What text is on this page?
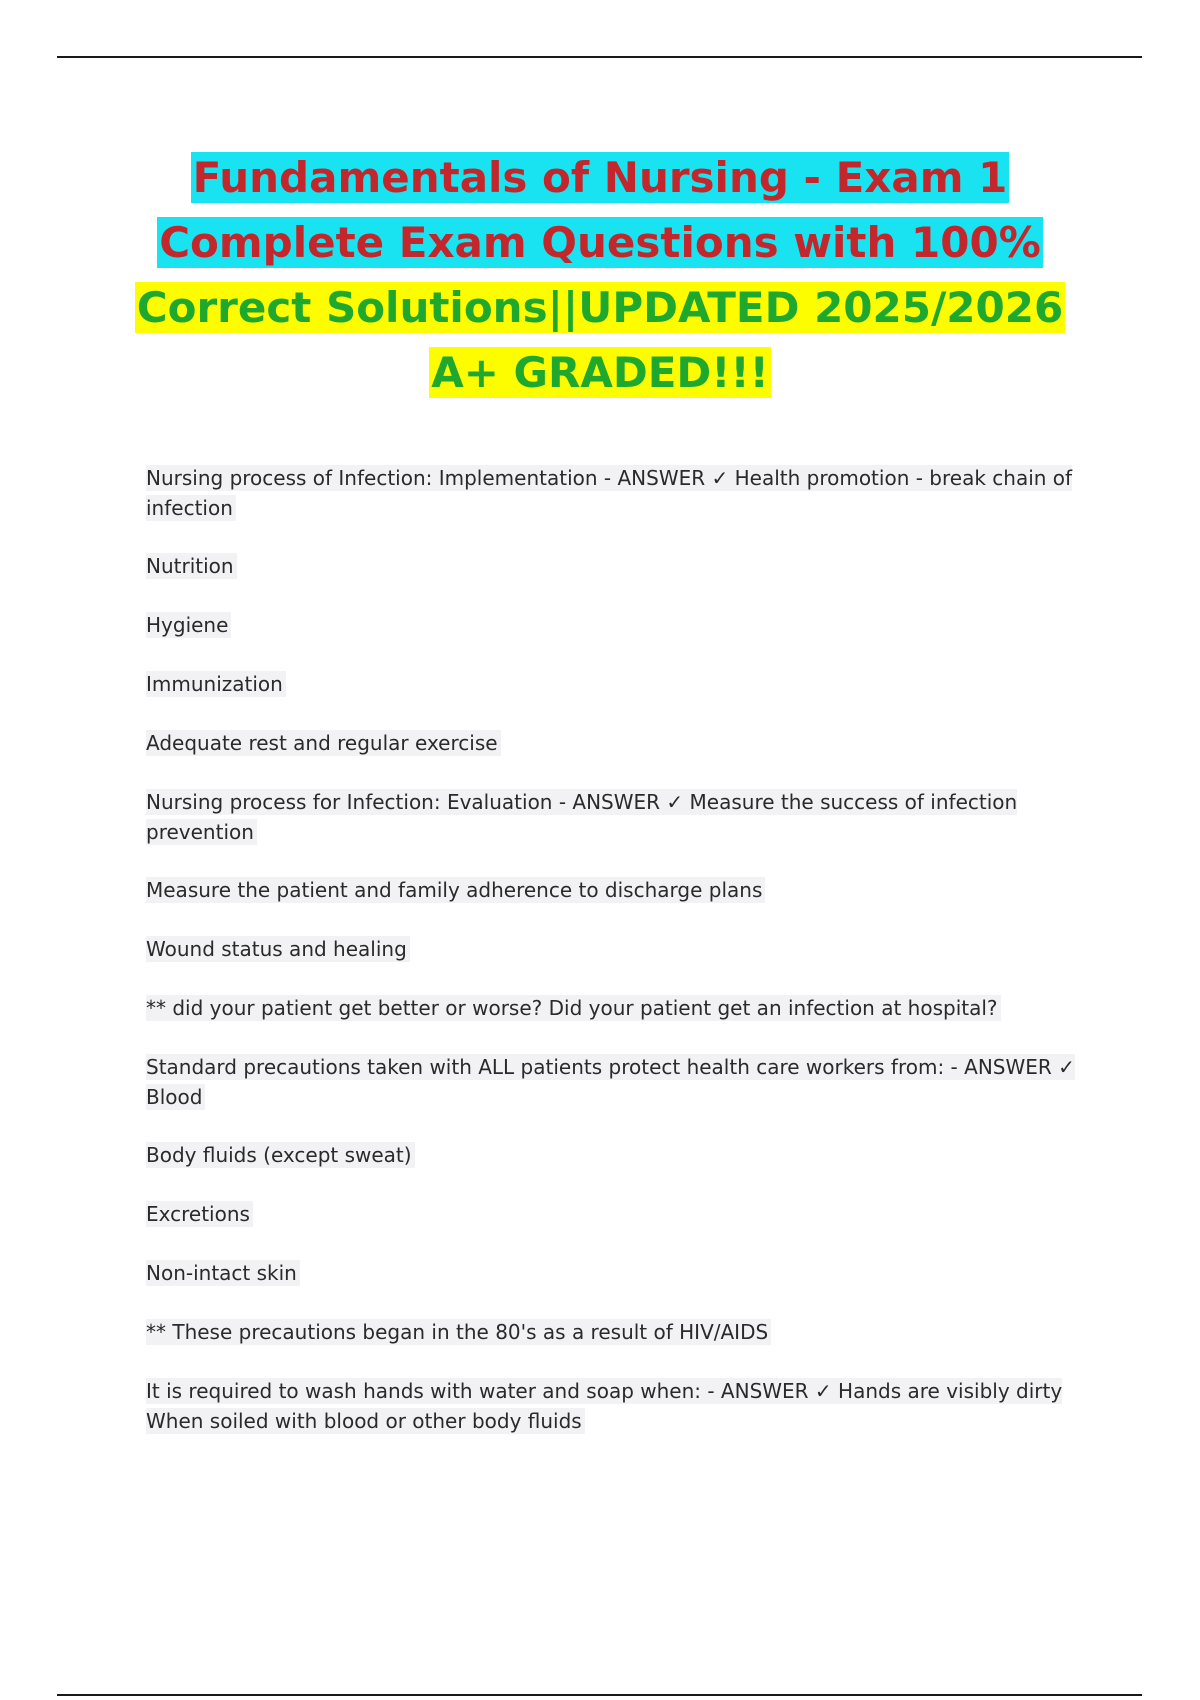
Fundamentals of Nursing - Exam 1
Complete Exam Questions with 100%
Correct Solutions||UPDATED 2025/2026
A+ GRADED!!!

Nursing process of Infection: Implementation - ANSWER ✓ Health promotion - break chain of infection

Nutrition

Hygiene

Immunization

Adequate rest and regular exercise

Nursing process for Infection: Evaluation - ANSWER ✓ Measure the success of infection prevention

Measure the patient and family adherence to discharge plans

Wound status and healing

** did your patient get better or worse? Did your patient get an infection at hospital?

Standard precautions taken with ALL patients protect health care workers from: - ANSWER ✓ Blood

Body fluids (except sweat)

Excretions

Non-intact skin

** These precautions began in the 80's as a result of HIV/AIDS

It is required to wash hands with water and soap when: - ANSWER ✓ Hands are visibly dirty When soiled with blood or other body fluids
